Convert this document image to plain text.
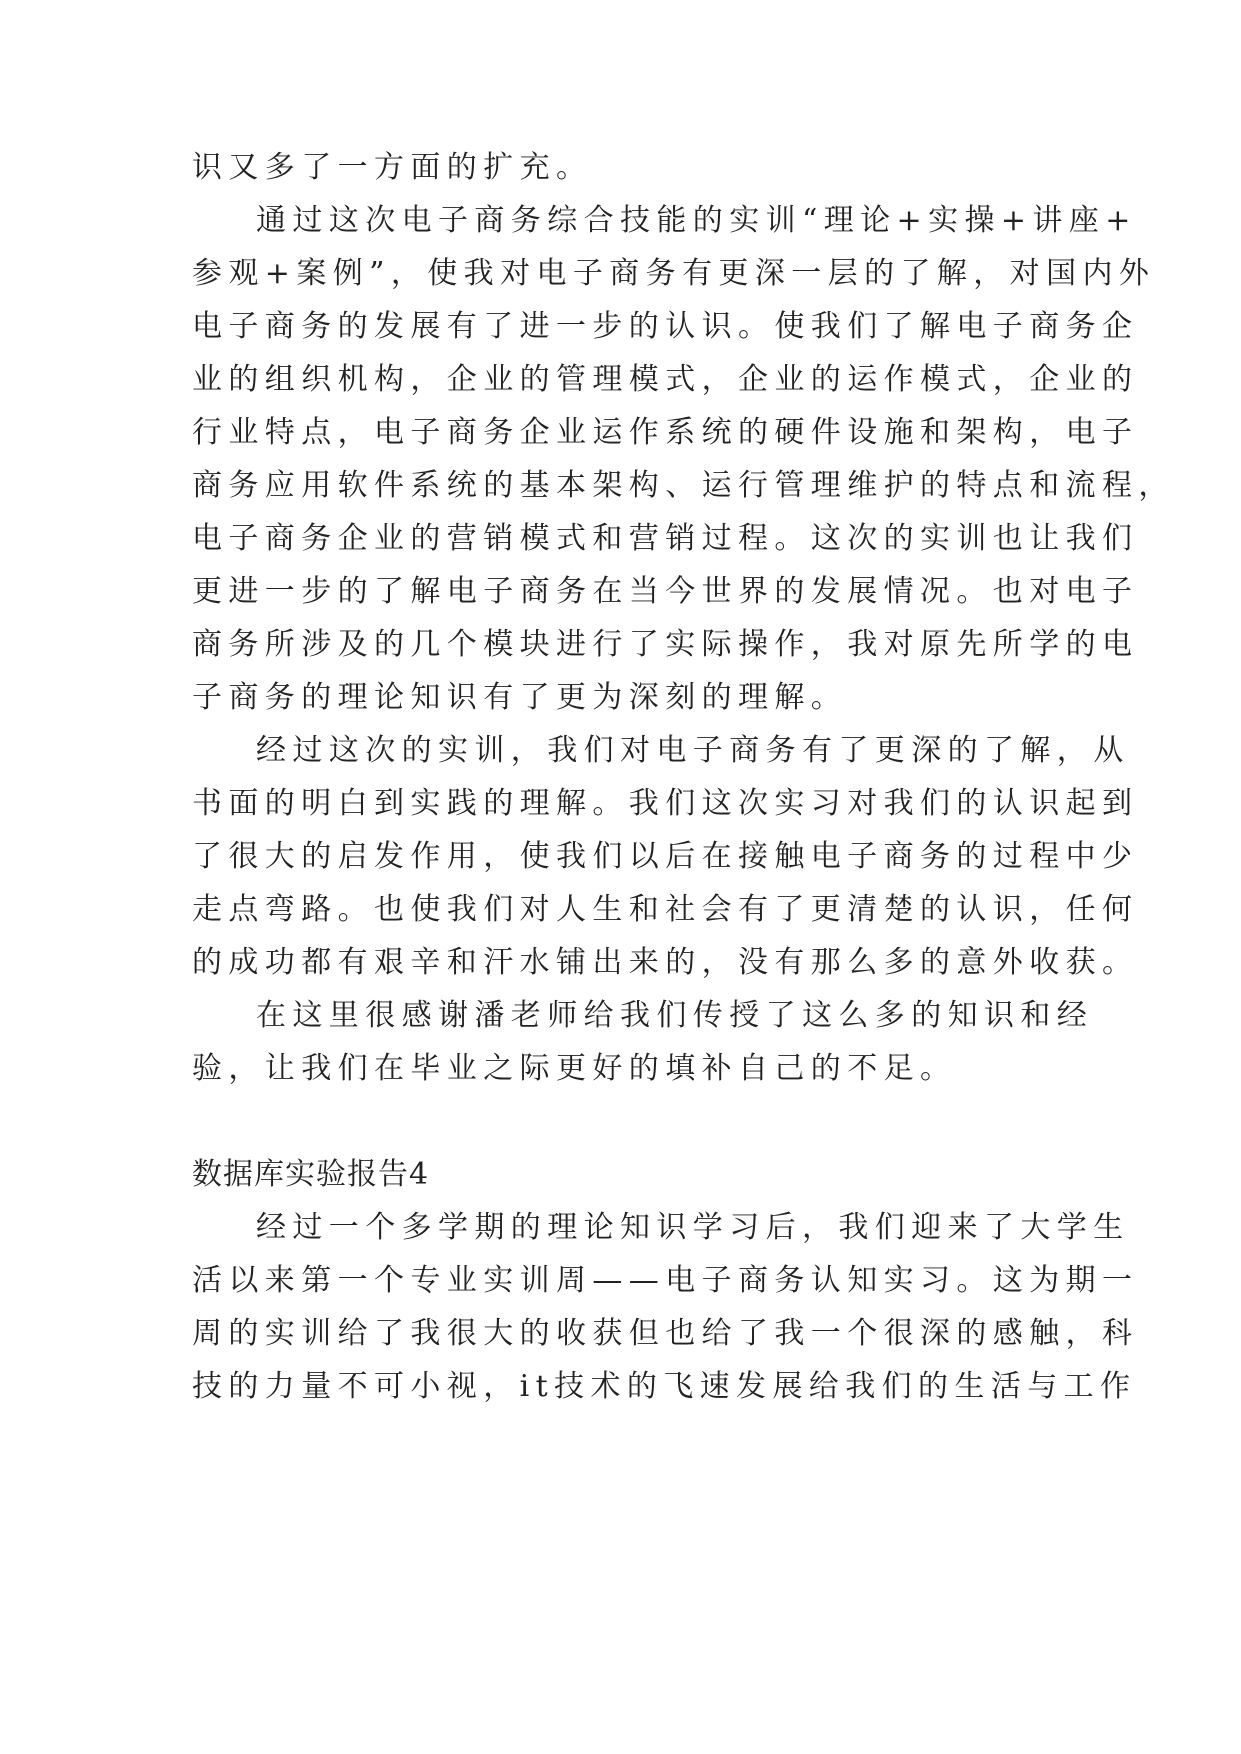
识又多了一方面的扩充。
通过这次电子商务综合技能的实训“理论+实操+讲座+
参观+案例”，使我对电子商务有更深一层的了解，对国内外
电子商务的发展有了进一步的认识。使我们了解电子商务企
业的组织机构，企业的管理模式，企业的运作模式，企业的
行业特点，电子商务企业运作系统的硬件设施和架构，电子
商务应用软件系统的基本架构、运行管理维护的特点和流程，
电子商务企业的营销模式和营销过程。这次的实训也让我们
更进一步的了解电子商务在当今世界的发展情况。也对电子
商务所涉及的几个模块进行了实际操作，我对原先所学的电
子商务的理论知识有了更为深刻的理解。
经过这次的实训，我们对电子商务有了更深的了解，从
书面的明白到实践的理解。我们这次实习对我们的认识起到
了很大的启发作用，使我们以后在接触电子商务的过程中少
走点弯路。也使我们对人生和社会有了更清楚的认识，任何
的成功都有艰辛和汗水铺出来的，没有那么多的意外收获。
在这里很感谢潘老师给我们传授了这么多的知识和经
验，让我们在毕业之际更好的填补自己的不足。
数据库实验报告4
经过一个多学期的理论知识学习后，我们迎来了大学生
活以来第一个专业实训周——电子商务认知实习。这为期一
周的实训给了我很大的收获但也给了我一个很深的感触，科
技的力量不可小视，it技术的飞速发展给我们的生活与工作
